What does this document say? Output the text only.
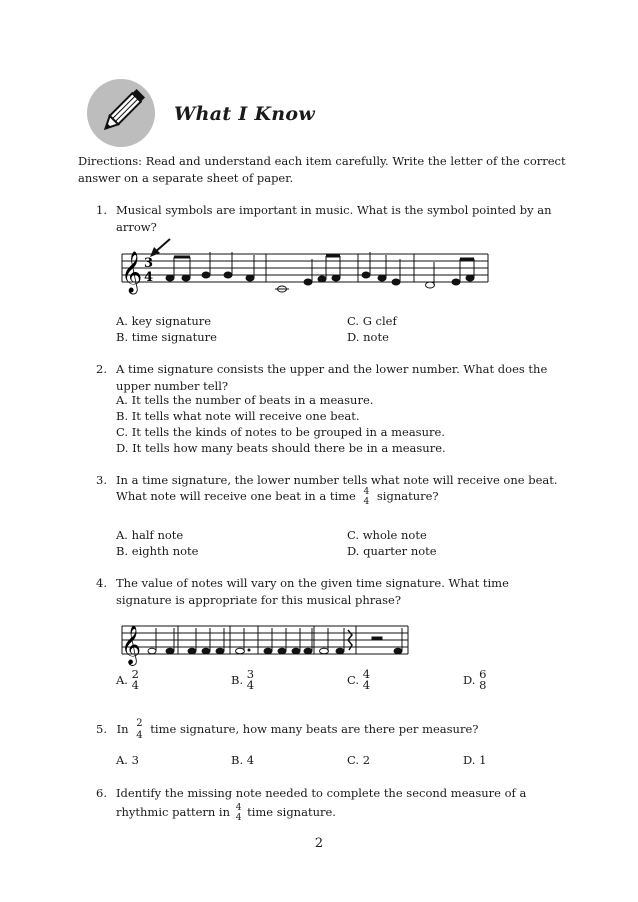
What I Know
Directions: Read and understand each item carefully. Write the letter of the correct answer on a separate sheet of paper.
1. Musical symbols are important in music. What is the symbol pointed by an arrow?
𝄞 3
4
A. key signature	C. G clef
B. time signature	D. note
2. A time signature consists the upper and the lower number. What does the upper number tell?
A. It tells the number of beats in a measure.
B. It tells what note will receive one beat.
C. It tells the kinds of notes to be grouped in a measure.
D. It tells how many beats should there be in a measure.
3. In a time signature, the lower number tells what note will receive one beat.
What note will receive one beat in a time 4
4 signature?
A. half note	C. whole note
B. eighth note	D. quarter note
4. The value of notes will vary on the given time signature. What time signature is appropriate for this musical phrase?
𝄞
A. 2
4	B. 3
4	C. 4
4	D. 6
8
5. In 2
4 time signature, how many beats are there per measure?
A. 3	B. 4	C. 2	D. 1
6. Identify the missing note needed to complete the second measure of a
rhythmic pattern in 4
4 time signature.
2
